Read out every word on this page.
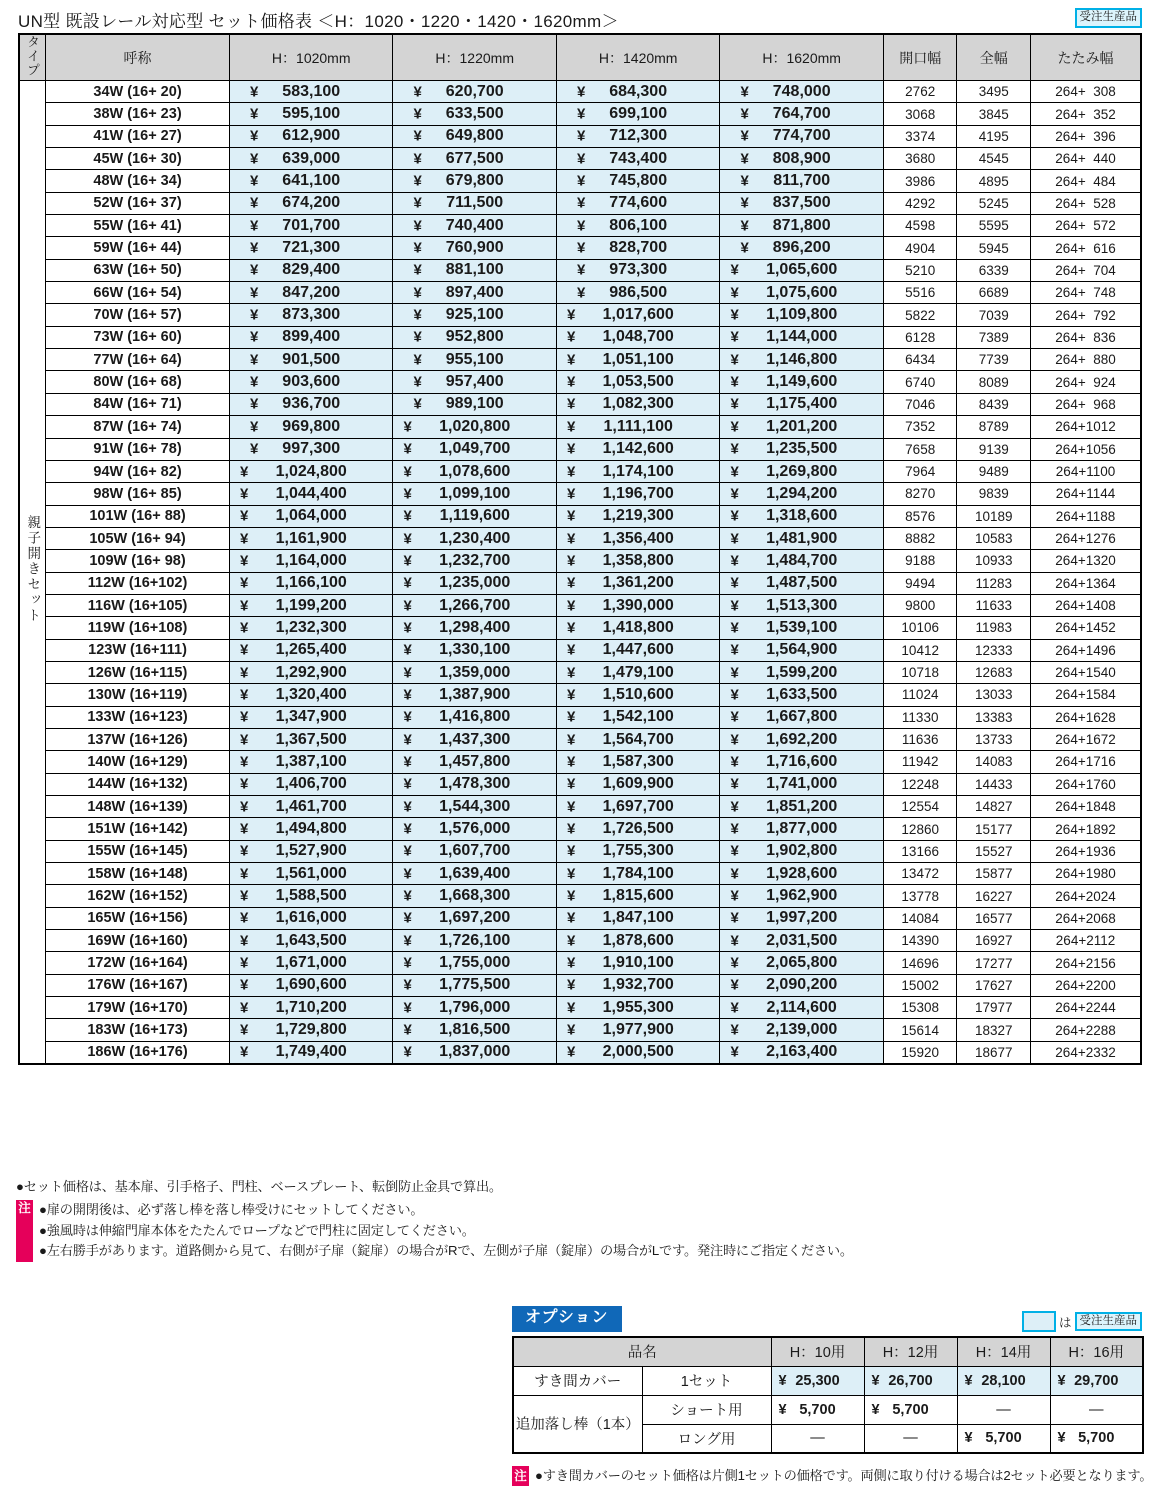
UN型 既設レール対応型 セット価格表 ＜H：1020・1220・1420・1620mm＞	受注生産品
タイプ	呼称	H：1020mm	H：1220mm	H：1420mm	H：1620mm	開口幅	全幅	たたみ幅
親子開きセット	34W (16+ 20)	¥ 583,100	¥ 620,700	¥ 684,300	¥ 748,000	2762	3495	264+  308
	38W (16+ 23)	¥ 595,100	¥ 633,500	¥ 699,100	¥ 764,700	3068	3845	264+  352
	41W (16+ 27)	¥ 612,900	¥ 649,800	¥ 712,300	¥ 774,700	3374	4195	264+  396
	45W (16+ 30)	¥ 639,000	¥ 677,500	¥ 743,400	¥ 808,900	3680	4545	264+  440
	48W (16+ 34)	¥ 641,100	¥ 679,800	¥ 745,800	¥ 811,700	3986	4895	264+  484
	52W (16+ 37)	¥ 674,200	¥ 711,500	¥ 774,600	¥ 837,500	4292	5245	264+  528
	55W (16+ 41)	¥ 701,700	¥ 740,400	¥ 806,100	¥ 871,800	4598	5595	264+  572
	59W (16+ 44)	¥ 721,300	¥ 760,900	¥ 828,700	¥ 896,200	4904	5945	264+  616
	63W (16+ 50)	¥ 829,400	¥ 881,100	¥ 973,300	¥ 1,065,600	5210	6339	264+  704
	66W (16+ 54)	¥ 847,200	¥ 897,400	¥ 986,500	¥ 1,075,600	5516	6689	264+  748
	70W (16+ 57)	¥ 873,300	¥ 925,100	¥ 1,017,600	¥ 1,109,800	5822	7039	264+  792
	73W (16+ 60)	¥ 899,400	¥ 952,800	¥ 1,048,700	¥ 1,144,000	6128	7389	264+  836
	77W (16+ 64)	¥ 901,500	¥ 955,100	¥ 1,051,100	¥ 1,146,800	6434	7739	264+  880
	80W (16+ 68)	¥ 903,600	¥ 957,400	¥ 1,053,500	¥ 1,149,600	6740	8089	264+  924
	84W (16+ 71)	¥ 936,700	¥ 989,100	¥ 1,082,300	¥ 1,175,400	7046	8439	264+  968
	87W (16+ 74)	¥ 969,800	¥ 1,020,800	¥ 1,111,100	¥ 1,201,200	7352	8789	264+1012
	91W (16+ 78)	¥ 997,300	¥ 1,049,700	¥ 1,142,600	¥ 1,235,500	7658	9139	264+1056
	94W (16+ 82)	¥ 1,024,800	¥ 1,078,600	¥ 1,174,100	¥ 1,269,800	7964	9489	264+1100
	98W (16+ 85)	¥ 1,044,400	¥ 1,099,100	¥ 1,196,700	¥ 1,294,200	8270	9839	264+1144
	101W (16+ 88)	¥ 1,064,000	¥ 1,119,600	¥ 1,219,300	¥ 1,318,600	8576	10189	264+1188
	105W (16+ 94)	¥ 1,161,900	¥ 1,230,400	¥ 1,356,400	¥ 1,481,900	8882	10583	264+1276
	109W (16+ 98)	¥ 1,164,000	¥ 1,232,700	¥ 1,358,800	¥ 1,484,700	9188	10933	264+1320
	112W (16+102)	¥ 1,166,100	¥ 1,235,000	¥ 1,361,200	¥ 1,487,500	9494	11283	264+1364
	116W (16+105)	¥ 1,199,200	¥ 1,266,700	¥ 1,390,000	¥ 1,513,300	9800	11633	264+1408
	119W (16+108)	¥ 1,232,300	¥ 1,298,400	¥ 1,418,800	¥ 1,539,100	10106	11983	264+1452
	123W (16+111)	¥ 1,265,400	¥ 1,330,100	¥ 1,447,600	¥ 1,564,900	10412	12333	264+1496
	126W (16+115)	¥ 1,292,900	¥ 1,359,000	¥ 1,479,100	¥ 1,599,200	10718	12683	264+1540
	130W (16+119)	¥ 1,320,400	¥ 1,387,900	¥ 1,510,600	¥ 1,633,500	11024	13033	264+1584
	133W (16+123)	¥ 1,347,900	¥ 1,416,800	¥ 1,542,100	¥ 1,667,800	11330	13383	264+1628
	137W (16+126)	¥ 1,367,500	¥ 1,437,300	¥ 1,564,700	¥ 1,692,200	11636	13733	264+1672
	140W (16+129)	¥ 1,387,100	¥ 1,457,800	¥ 1,587,300	¥ 1,716,600	11942	14083	264+1716
	144W (16+132)	¥ 1,406,700	¥ 1,478,300	¥ 1,609,900	¥ 1,741,000	12248	14433	264+1760
	148W (16+139)	¥ 1,461,700	¥ 1,544,300	¥ 1,697,700	¥ 1,851,200	12554	14827	264+1848
	151W (16+142)	¥ 1,494,800	¥ 1,576,000	¥ 1,726,500	¥ 1,877,000	12860	15177	264+1892
	155W (16+145)	¥ 1,527,900	¥ 1,607,700	¥ 1,755,300	¥ 1,902,800	13166	15527	264+1936
	158W (16+148)	¥ 1,561,000	¥ 1,639,400	¥ 1,784,100	¥ 1,928,600	13472	15877	264+1980
	162W (16+152)	¥ 1,588,500	¥ 1,668,300	¥ 1,815,600	¥ 1,962,900	13778	16227	264+2024
	165W (16+156)	¥ 1,616,000	¥ 1,697,200	¥ 1,847,100	¥ 1,997,200	14084	16577	264+2068
	169W (16+160)	¥ 1,643,500	¥ 1,726,100	¥ 1,878,600	¥ 2,031,500	14390	16927	264+2112
	172W (16+164)	¥ 1,671,000	¥ 1,755,000	¥ 1,910,100	¥ 2,065,800	14696	17277	264+2156
	176W (16+167)	¥ 1,690,600	¥ 1,775,500	¥ 1,932,700	¥ 2,090,200	15002	17627	264+2200
	179W (16+170)	¥ 1,710,200	¥ 1,796,000	¥ 1,955,300	¥ 2,114,600	15308	17977	264+2244
	183W (16+173)	¥ 1,729,800	¥ 1,816,500	¥ 1,977,900	¥ 2,139,000	15614	18327	264+2288
	186W (16+176)	¥ 1,749,400	¥ 1,837,000	¥ 2,000,500	¥ 2,163,400	15920	18677	264+2332
●セット価格は、基本扉、引手格子、門柱、ベースプレート、転倒防止金具で算出。
注 ●扉の開閉後は、必ず落し棒を落し棒受けにセットしてください。
●強風時は伸縮門扉本体をたたんでロープなどで門柱に固定してください。
●左右勝手があります。道路側から見て、右側が子扉（錠扉）の場合がRで、左側が子扉（錠扉）の場合がLです。発注時にご指定ください。
オプション	は 受注生産品
品名		H：10用	H：12用	H：14用	H：16用
すき間カバー	1セット	¥ 25,300	¥ 26,700	¥ 28,100	¥ 29,700
追加落し棒（1本）	ショート用	¥ 5,700	¥ 5,700	—	—
	ロング用	—	—	¥ 5,700	¥ 5,700
注 ●すき間カバーのセット価格は片側1セットの価格です。両側に取り付ける場合は2セット必要となります。
